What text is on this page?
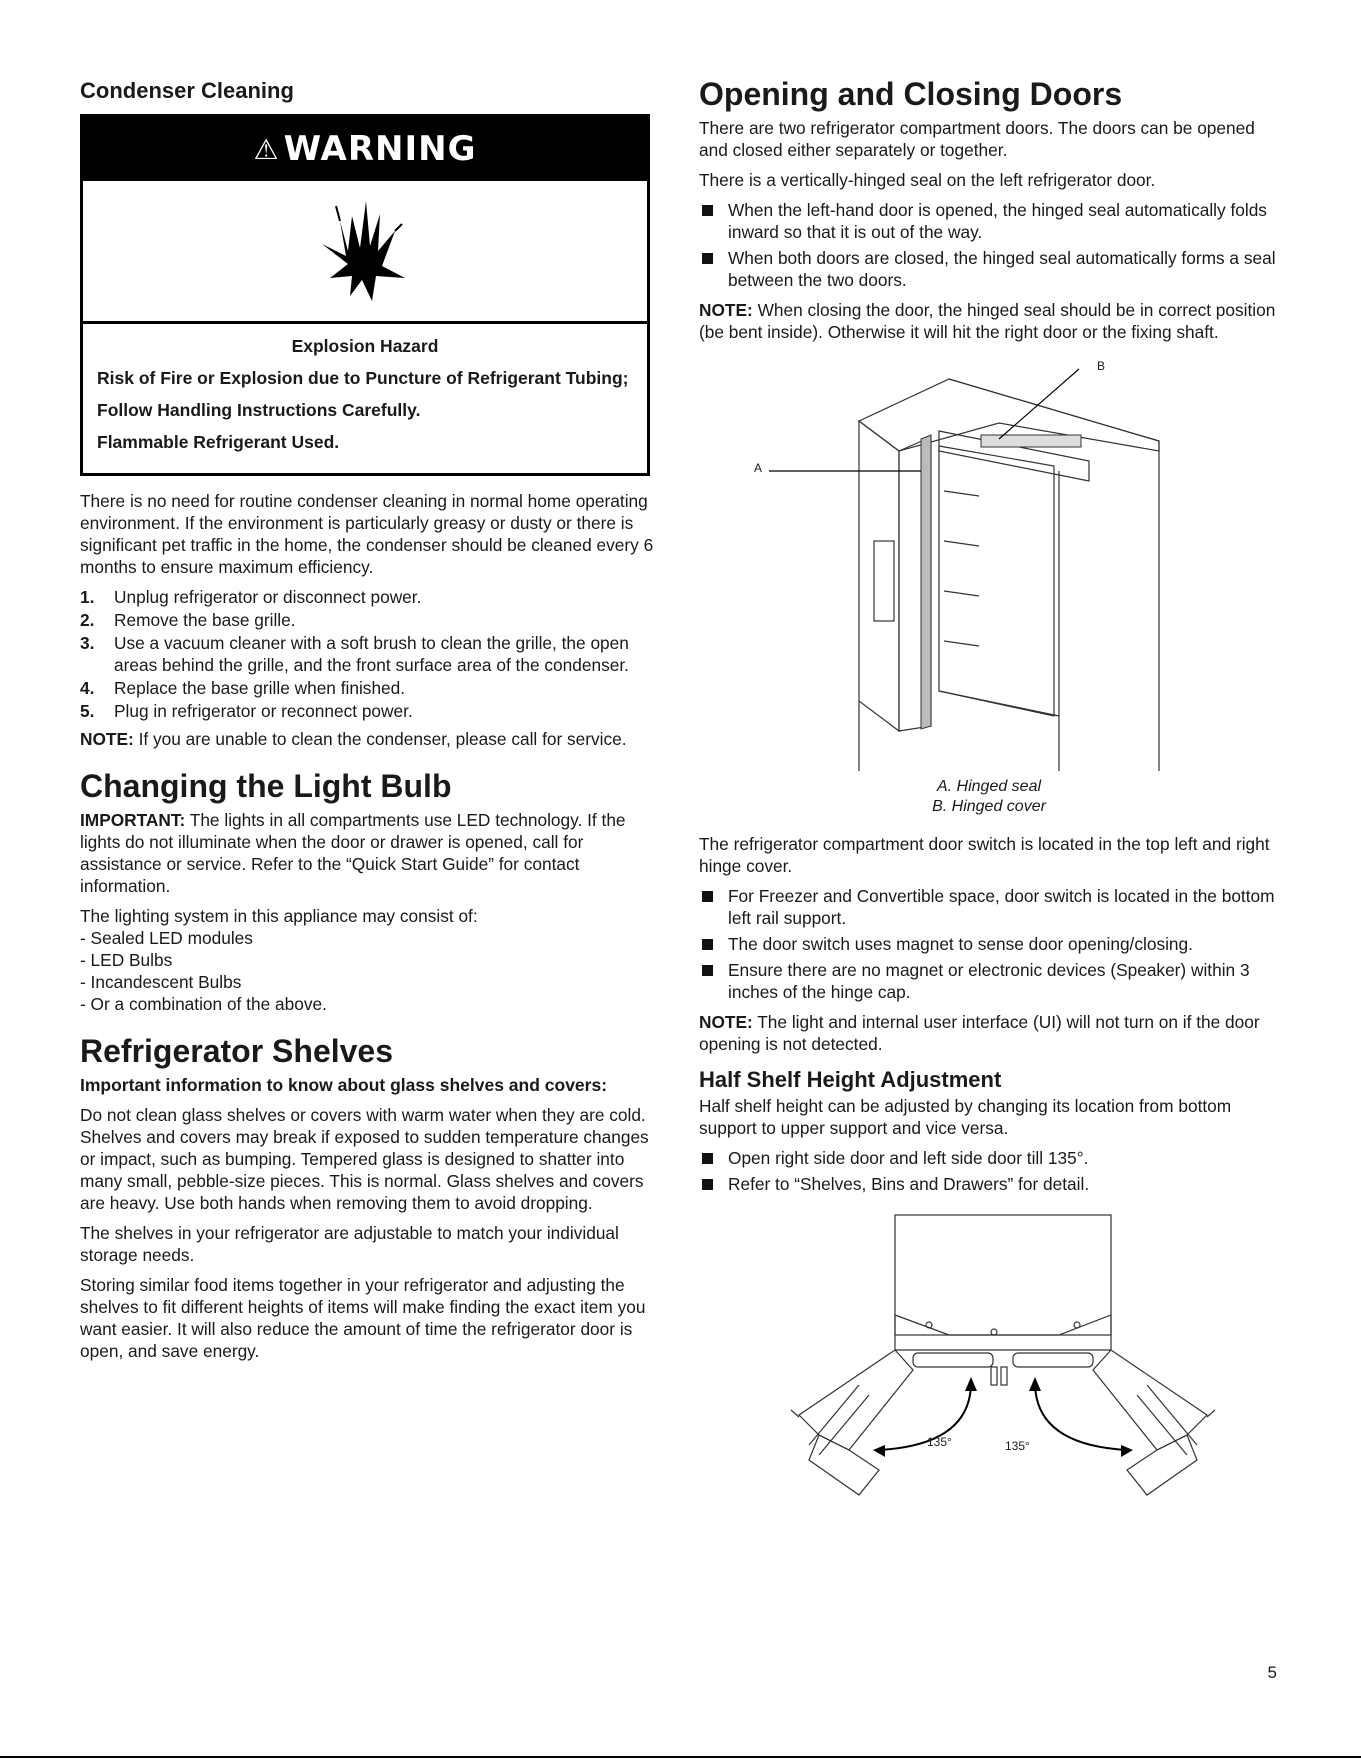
Condenser Cleaning
⚠ WARNING
Explosion Hazard
Risk of Fire or Explosion due to Puncture of Refrigerant Tubing;
Follow Handling Instructions Carefully.
Flammable Refrigerant Used.

There is no need for routine condenser cleaning in normal home operating environment. If the environment is particularly greasy or dusty or there is significant pet traffic in the home, the condenser should be cleaned every 6 months to ensure maximum efficiency.

1. Unplug refrigerator or disconnect power.
2. Remove the base grille.
3. Use a vacuum cleaner with a soft brush to clean the grille, the open areas behind the grille, and the front surface area of the condenser.
4. Replace the base grille when finished.
5. Plug in refrigerator or reconnect power.

NOTE: If you are unable to clean the condenser, please call for service.

Changing the Light Bulb

IMPORTANT: The lights in all compartments use LED technology. If the lights do not illuminate when the door or drawer is opened, call for assistance or service. Refer to the “Quick Start Guide” for contact information.

The lighting system in this appliance may consist of:
- Sealed LED modules
- LED Bulbs
- Incandescent Bulbs
- Or a combination of the above.
Refrigerator Shelves

Important information to know about glass shelves and covers:

Do not clean glass shelves or covers with warm water when they are cold. Shelves and covers may break if exposed to sudden temperature changes or impact, such as bumping. Tempered glass is designed to shatter into many small, pebble-size pieces. This is normal. Glass shelves and covers are heavy. Use both hands when removing them to avoid dropping.

The shelves in your refrigerator are adjustable to match your individual storage needs.

Storing similar food items together in your refrigerator and adjusting the shelves to fit different heights of items will make finding the exact item you want easier. It will also reduce the amount of time the refrigerator door is open, and save energy.

Opening and Closing Doors

There are two refrigerator compartment doors. The doors can be opened and closed either separately or together.

There is a vertically-hinged seal on the left refrigerator door.

When the left-hand door is opened, the hinged seal automatically folds inward so that it is out of the way.
When both doors are closed, the hinged seal automatically forms a seal between the two doors.

NOTE: When closing the door, the hinged seal should be in correct position (be bent inside). Otherwise it will hit the right door or the fixing shaft.

A
B
A. Hinged seal
B. Hinged cover

The refrigerator compartment door switch is located in the top left and right hinge cover.

For Freezer and Convertible space, door switch is located in the bottom left rail support.
The door switch uses magnet to sense door opening/closing.
Ensure there are no magnet or electronic devices (Speaker) within 3 inches of the hinge cap.

NOTE: The light and internal user interface (UI) will not turn on if the door opening is not detected.

Half Shelf Height Adjustment

Half shelf height can be adjusted by changing its location from bottom support to upper support and vice versa.

Open right side door and left side door till 135°.
Refer to “Shelves, Bins and Drawers” for detail.
135°	135°
5
